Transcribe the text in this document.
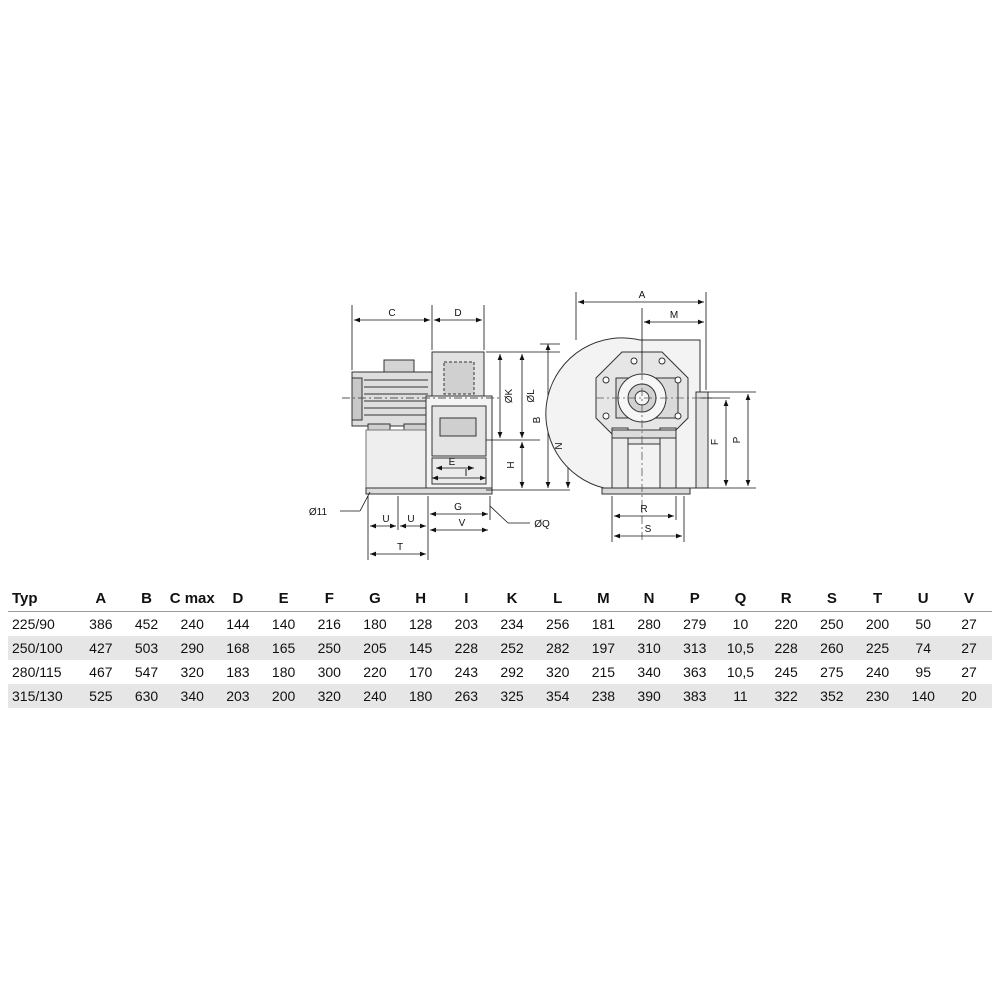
C	D
ØK ØL
H
B
N
E
I
G
U U	V
T
Ø11
ØQ
A
M
F P
R
S
Typ	A	B	C max	D	E	F	G	H	I	K	L	M	N	P	Q	R	S	T	U	V
225/90	386	452	240	144	140	216	180	128	203	234	256	181	280	279	10	220	250	200	50	27
250/100	427	503	290	168	165	250	205	145	228	252	282	197	310	313	10,5	228	260	225	74	27
280/115	467	547	320	183	180	300	220	170	243	292	320	215	340	363	10,5	245	275	240	95	27
315/130	525	630	340	203	200	320	240	180	263	325	354	238	390	383	11	322	352	230	140	20
